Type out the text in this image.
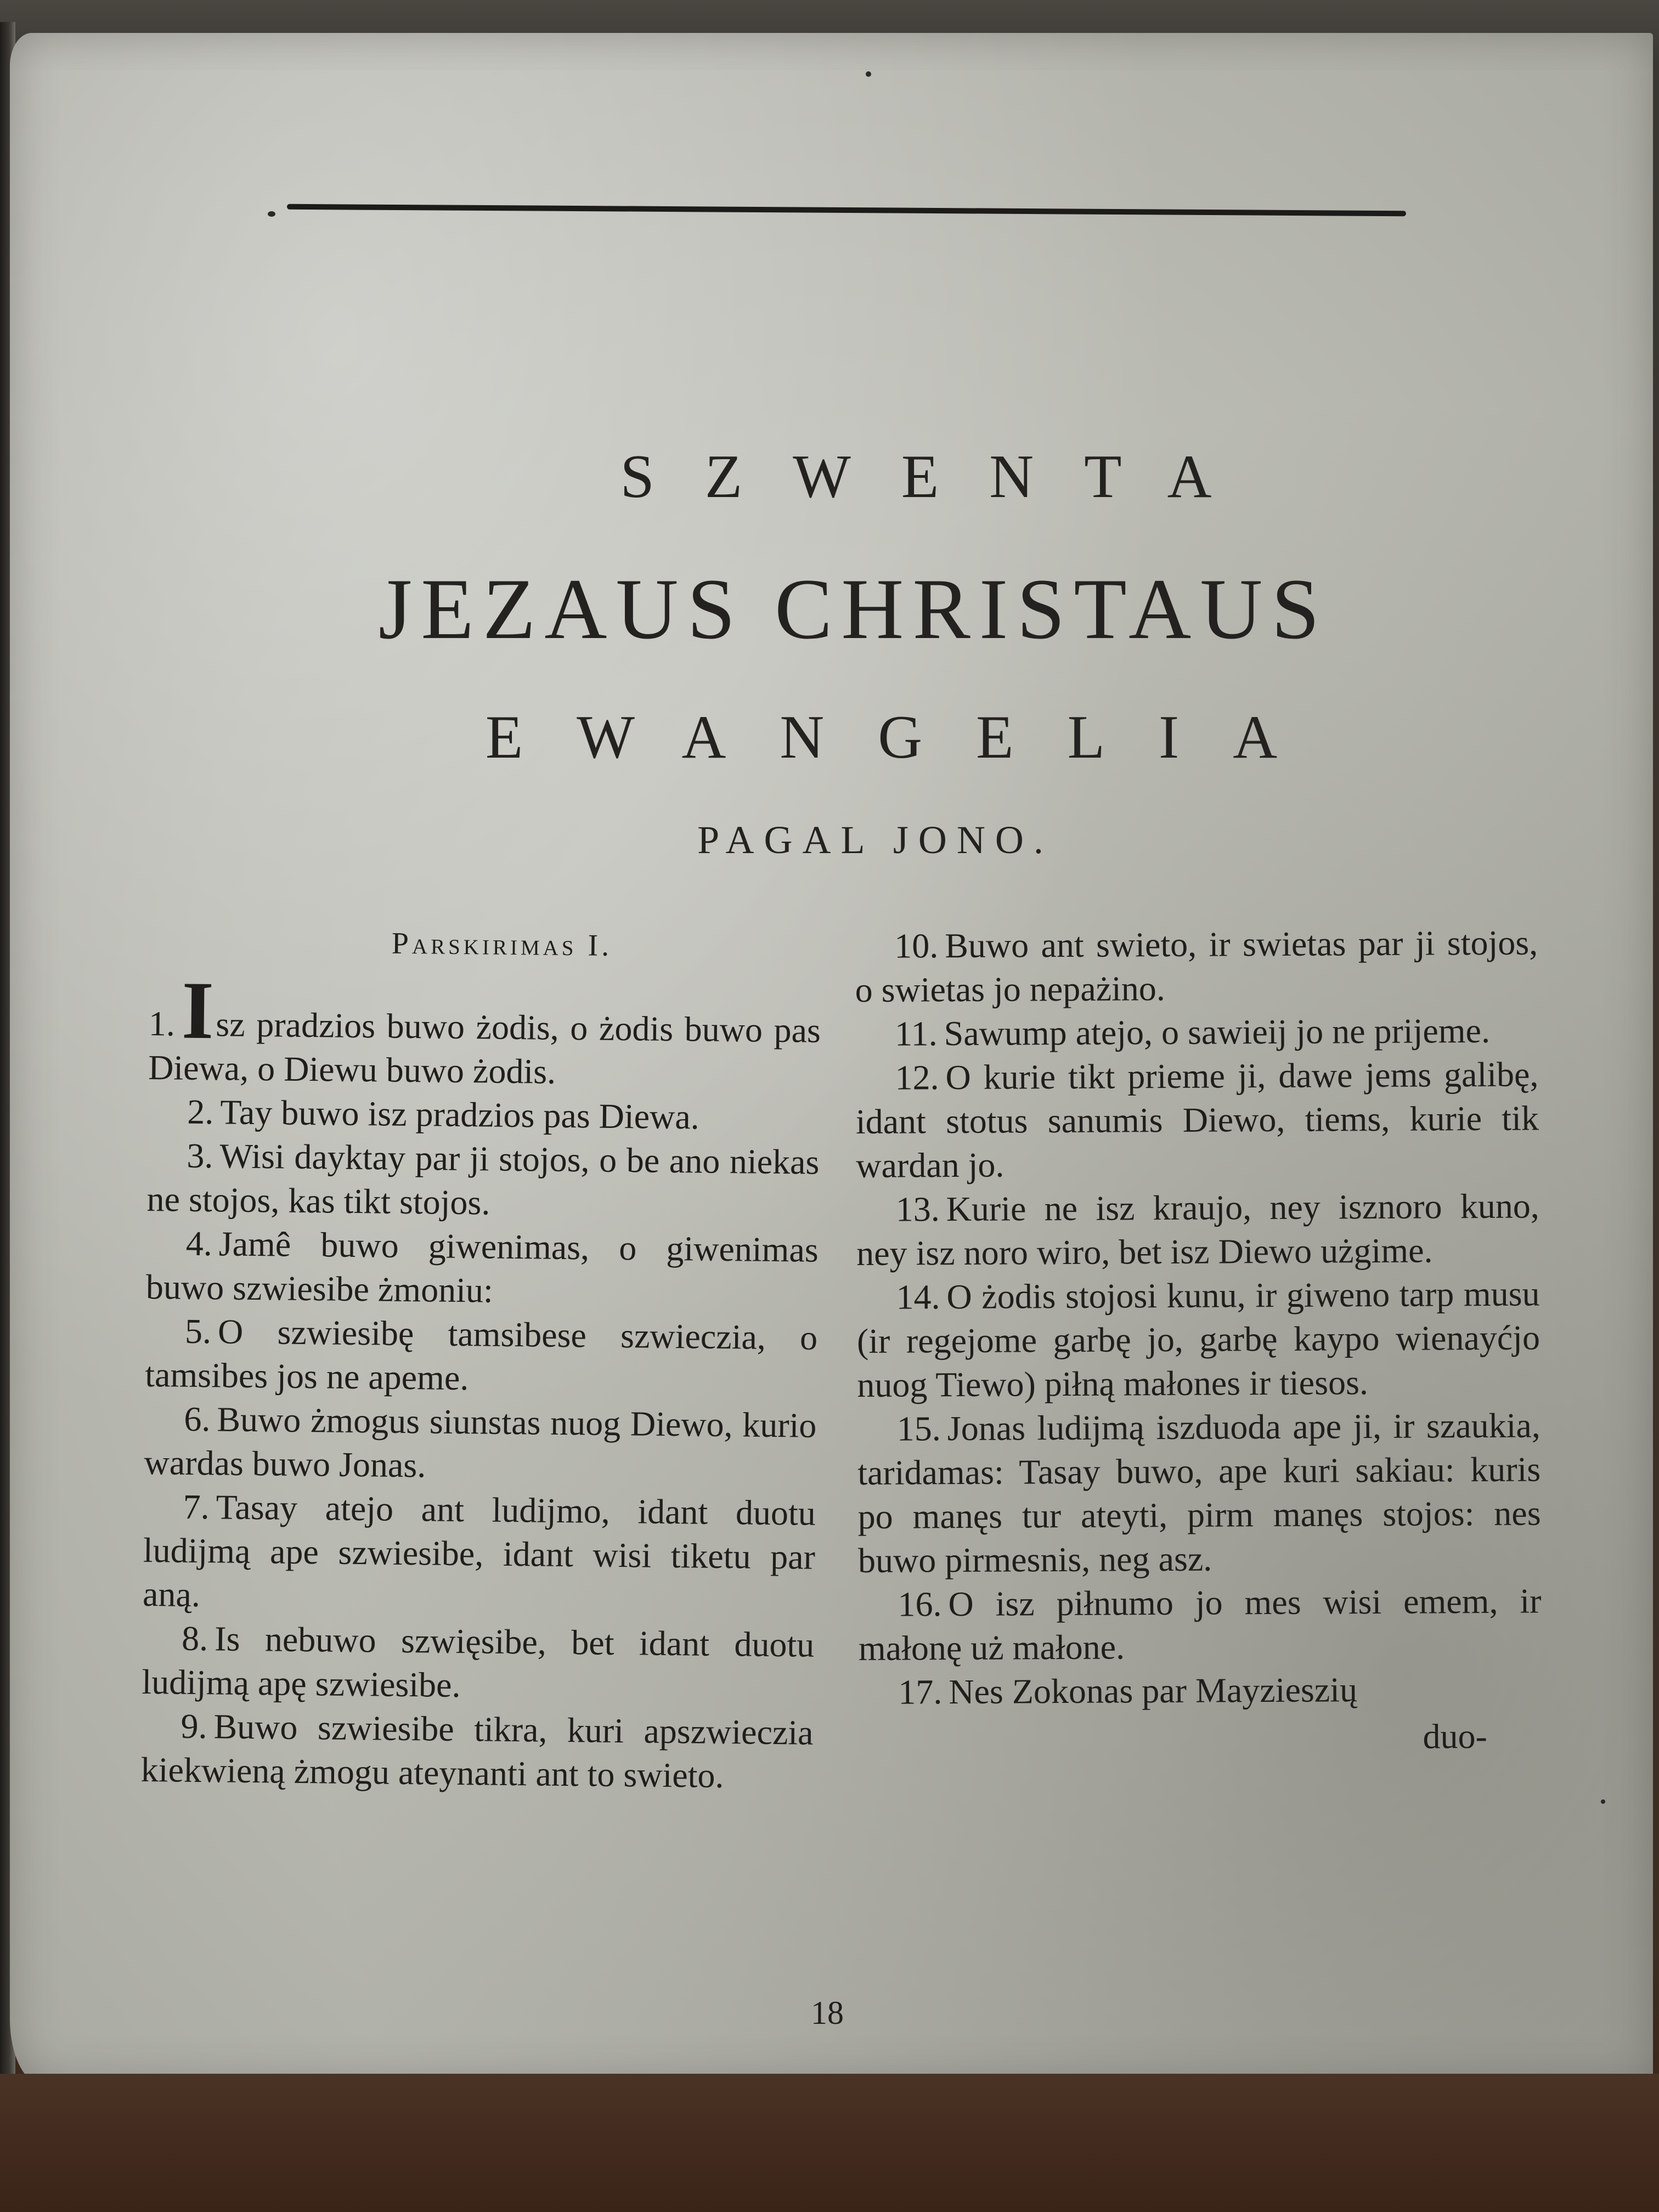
SZWENTA
JEZAUS CHRISTAUS
EWANGELIA
PAGAL JONO.
Parskirimas I.

1.Isz pradzios buwo żodis, o żodis buwo pas Diewa, o Diewu buwo żodis.

2. Tay buwo isz pradzios pas Diewa.

3. Wisi dayktay par ji stojos, o be ano niekas ne stojos, kas tikt stojos.

4. Jamê buwo giwenimas, o giwenimas buwo szwiesibe żmoniu:

5. O szwiesibę tamsibese szwieczia, o tamsibes jos ne apeme.

6. Buwo żmogus siunstas nuog Diewo, kurio wardas buwo Jonas.

7. Tasay atejo ant ludijmo, idant duotu ludijmą ape szwiesibe, idant wisi tiketu par aną.

8. Is nebuwo szwięsibe, bet idant duotu ludijmą apę szwiesibe.

9. Buwo szwiesibe tikra, kuri apszwieczia kiekwieną żmogu ateynanti ant to swieto.

10. Buwo ant swieto, ir swietas par ji stojos, o swietas jo nepażino.

11. Sawump atejo, o sawieij jo ne prijeme.

12. O kurie tikt prieme ji, dawe jems galibę, idant stotus sanumis Diewo, tiems, kurie tik wardan jo.

13. Kurie ne isz kraujo, ney isznoro kuno, ney isz noro wiro, bet isz Diewo użgime.

14. O żodis stojosi kunu, ir giweno tarp musu (ir regejome garbę jo, garbę kaypo wienayćjo nuog Tiewo) piłną małones ir tiesos.

15. Jonas ludijmą iszduoda ape ji, ir szaukia, taridamas: Tasay buwo, ape kuri sakiau: kuris po manęs tur ateyti, pirm manęs stojos: nes buwo pirmesnis, neg asz.

16. O isz piłnumo jo mes wisi emem, ir małonę uż małone.

17. Nes Zokonas par Mayzieszių

duo-
18
